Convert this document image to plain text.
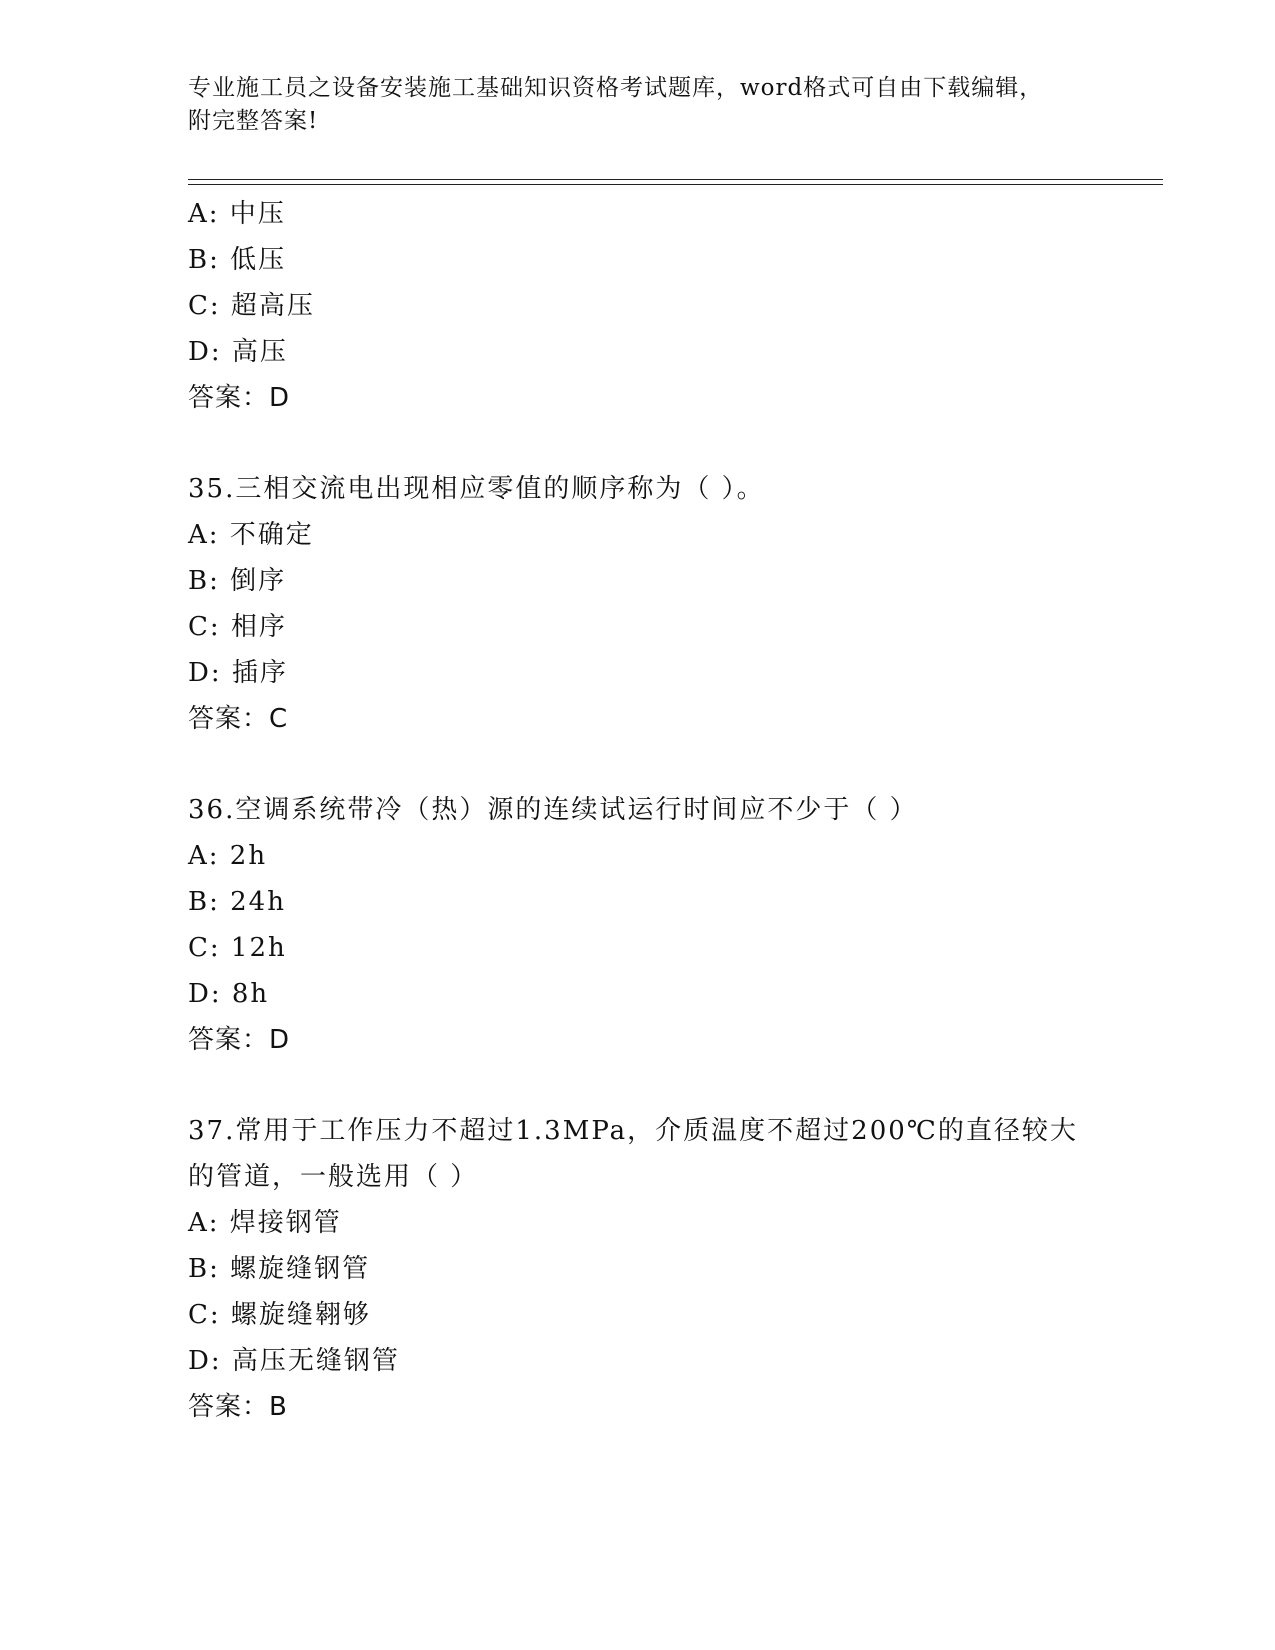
专业施工员之设备安装施工基础知识资格考试题库，word格式可自由下载编辑，
附完整答案!
A: 中压
B: 低压
C: 超高压
D: 高压
答案：D
35.三相交流电出现相应零值的顺序称为（ ）。
A: 不确定
B: 倒序
C: 相序
D: 插序
答案：C
36.空调系统带冷（热）源的连续试运行时间应不少于（ ）
A: 2h
B: 24h
C: 12h
D: 8h
答案：D
37.常用于工作压力不超过1.3MPa，介质温度不超过200℃的直径较大
的管道，一般选用（ ）
A: 焊接钢管
B: 螺旋缝钢管
C: 螺旋缝翱够
D: 高压无缝钢管
答案：B
